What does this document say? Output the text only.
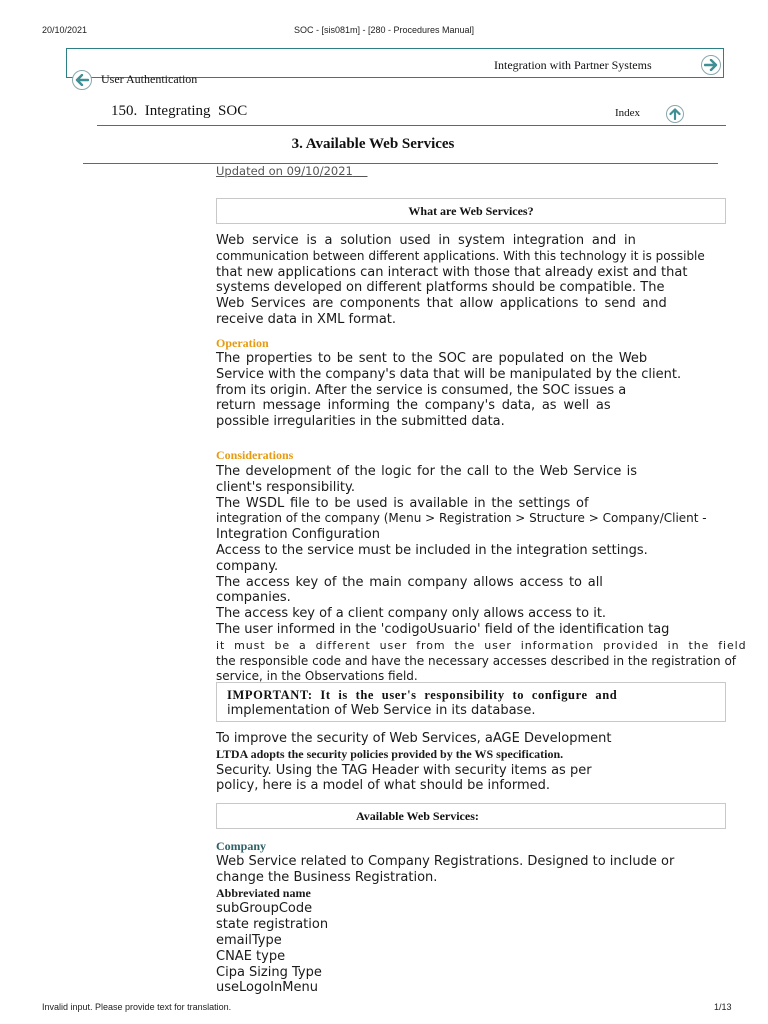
20/10/2021	SOC - [sis081m] - [280 - Procedures Manual]
User Authentication
Integration with Partner Systems
150.  Integrating  SOC	Index
3. Available Web Services
Updated on 09/10/2021
What are Web Services?
Web service is a solution used in system integration and in
communication between different applications. With this technology it is possible
that new applications can interact with those that already exist and that
systems developed on different platforms should be compatible. The
Web Services are components that allow applications to send and
receive data in XML format.
Operation
The properties to be sent to the SOC are populated on the Web
Service with the company's data that will be manipulated by the client.
from its origin. After the service is consumed, the SOC issues a
return message informing the company's data, as well as
possible irregularities in the submitted data.
Considerations
The development of the logic for the call to the Web Service is
client's responsibility.
The WSDL file to be used is available in the settings of
integration of the company (Menu > Registration > Structure > Company/Client -
Integration Configuration
Access to the service must be included in the integration settings.
company.
The access key of the main company allows access to all
companies.
The access key of a client company only allows access to it.
The user informed in the 'codigoUsuario' field of the identification tag
it must be a different user from the user information provided in the field
the responsible code and have the necessary accesses described in the registration of
service, in the Observations field.
IMPORTANT: It is the user's responsibility to configure and
implementation of Web Service in its database.
To improve the security of Web Services, aAGE Development
LTDA adopts the security policies provided by the WS specification.
Security. Using the TAG Header with security items as per
policy, here is a model of what should be informed.
Available Web Services:
Company
Web Service related to Company Registrations. Designed to include or
change the Business Registration.
Abbreviated name
subGroupCode
state registration
emailType
CNAE type
Cipa Sizing Type
useLogoInMenu
Invalid input. Please provide text for translation.	1/13
